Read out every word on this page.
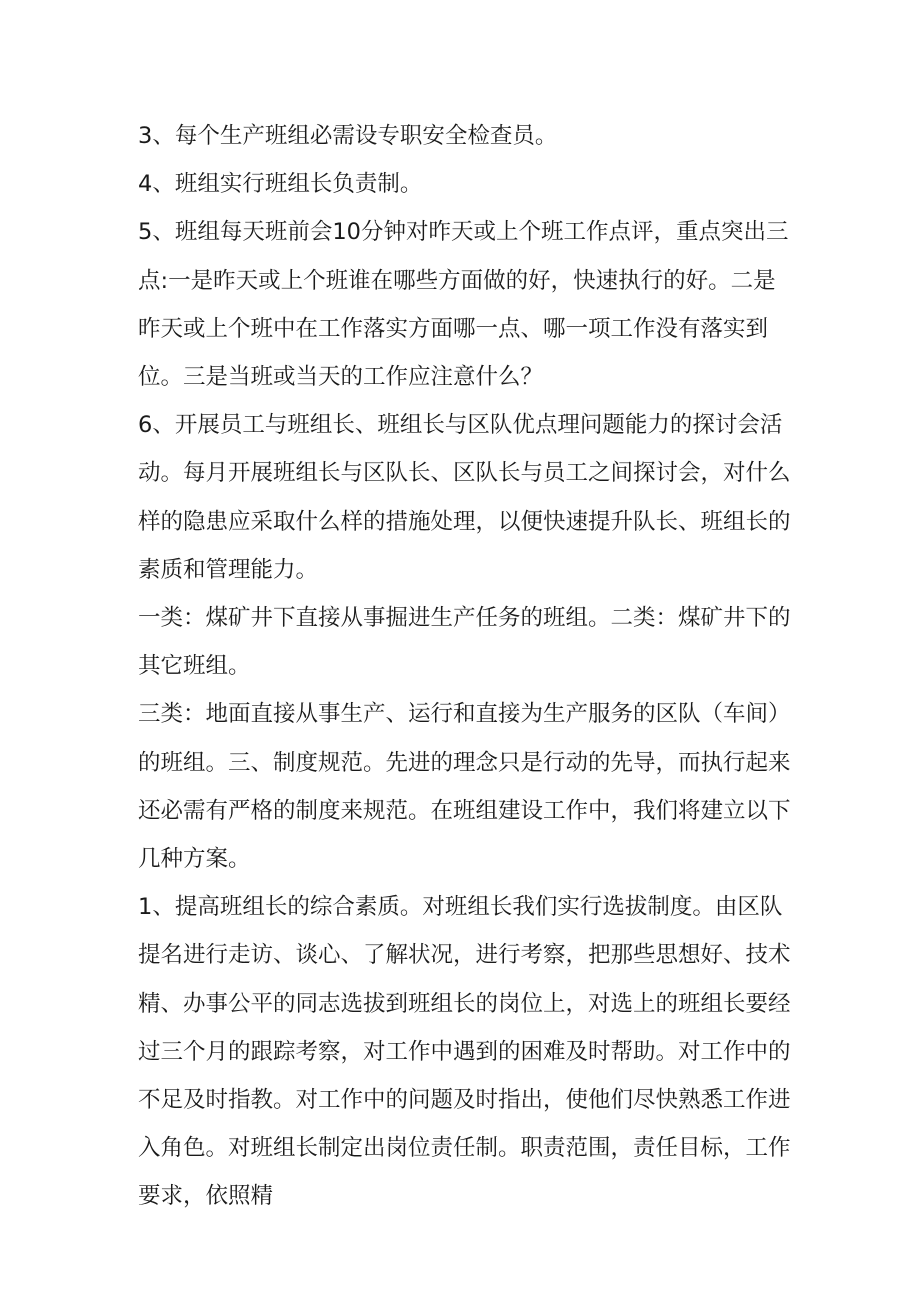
3、每个生产班组必需设专职安全检查员。

4、班组实行班组长负责制。

5、班组每天班前会10分钟对昨天或上个班工作点评，重点突出三点:一是昨天或上个班谁在哪些方面做的好，快速执行的好。二是昨天或上个班中在工作落实方面哪一点、哪一项工作没有落实到位。三是当班或当天的工作应注意什么？

6、开展员工与班组长、班组长与区队优点理问题能力的探讨会活动。每月开展班组长与区队长、区队长与员工之间探讨会，对什么样的隐患应采取什么样的措施处理，以便快速提升队长、班组长的素质和管理能力。

一类：煤矿井下直接从事掘进生产任务的班组。二类：煤矿井下的其它班组。

三类：地面直接从事生产、运行和直接为生产服务的区队（车间）的班组。三、制度规范。先进的理念只是行动的先导，而执行起来还必需有严格的制度来规范。在班组建设工作中，我们将建立以下几种方案。

1、提高班组长的综合素质。对班组长我们实行选拔制度。由区队提名进行走访、谈心、了解状况，进行考察，把那些思想好、技术精、办事公平的同志选拔到班组长的岗位上，对选上的班组长要经过三个月的跟踪考察，对工作中遇到的困难及时帮助。对工作中的不足及时指教。对工作中的问题及时指出，使他们尽快熟悉工作进入角色。对班组长制定出岗位责任制。职责范围，责任目标，工作要求，依照精
